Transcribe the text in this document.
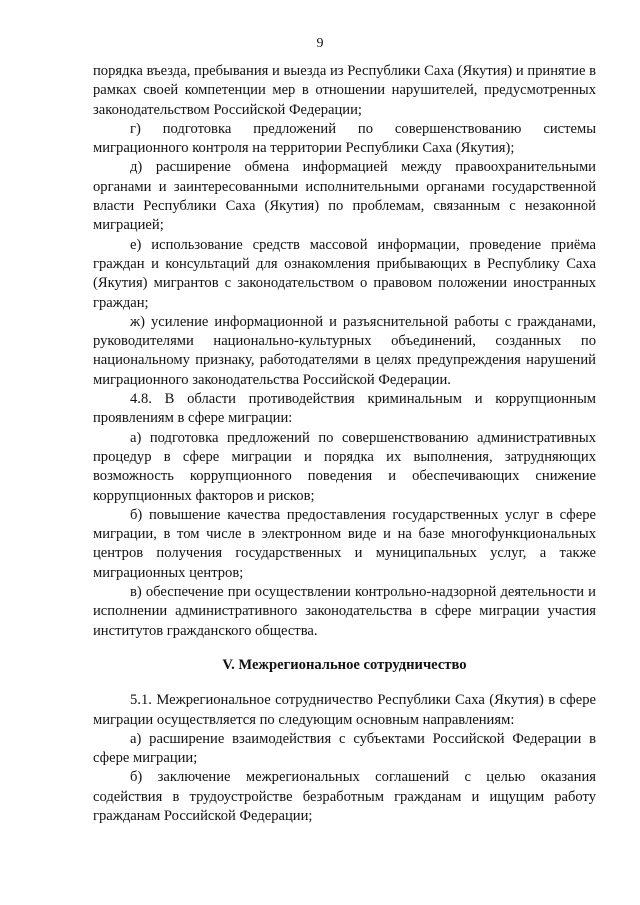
9

порядка въезда, пребывания и выезда из Республики Саха (Якутия) и принятие в рамках своей компетенции мер в отношении нарушителей, предусмотренных законодательством Российской Федерации;

г) подготовка предложений по совершенствованию системы миграционного контроля на территории Республики Саха (Якутия);

д) расширение обмена информацией между правоохранительными органами и заинтересованными исполнительными органами государственной власти Республики Саха (Якутия) по проблемам, связанным с незаконной миграцией;

е) использование средств массовой информации, проведение приёма граждан и консультаций для ознакомления прибывающих в Республику Саха (Якутия) мигрантов с законодательством о правовом положении иностранных граждан;

ж) усиление информационной и разъяснительной работы с гражданами, руководителями национально-культурных объединений, созданных по национальному признаку, работодателями в целях предупреждения нарушений миграционного законодательства Российской Федерации.

4.8. В области противодействия криминальным и коррупционным проявлениям в сфере миграции:

а) подготовка предложений по совершенствованию административных процедур в сфере миграции и порядка их выполнения, затрудняющих возможность коррупционного поведения и обеспечивающих снижение коррупционных факторов и рисков;

б) повышение качества предоставления государственных услуг в сфере миграции, в том числе в электронном виде и на базе многофункциональных центров получения государственных и муниципальных услуг, а также миграционных центров;

в) обеспечение при осуществлении контрольно-надзорной деятельности и исполнении административного законодательства в сфере миграции участия институтов гражданского общества.

V. Межрегиональное сотрудничество

5.1. Межрегиональное сотрудничество Республики Саха (Якутия) в сфере миграции осуществляется по следующим основным направлениям:

а) расширение взаимодействия с субъектами Российской Федерации в сфере миграции;

б) заключение межрегиональных соглашений с целью оказания содействия в трудоустройстве безработным гражданам и ищущим работу гражданам Российской Федерации;
